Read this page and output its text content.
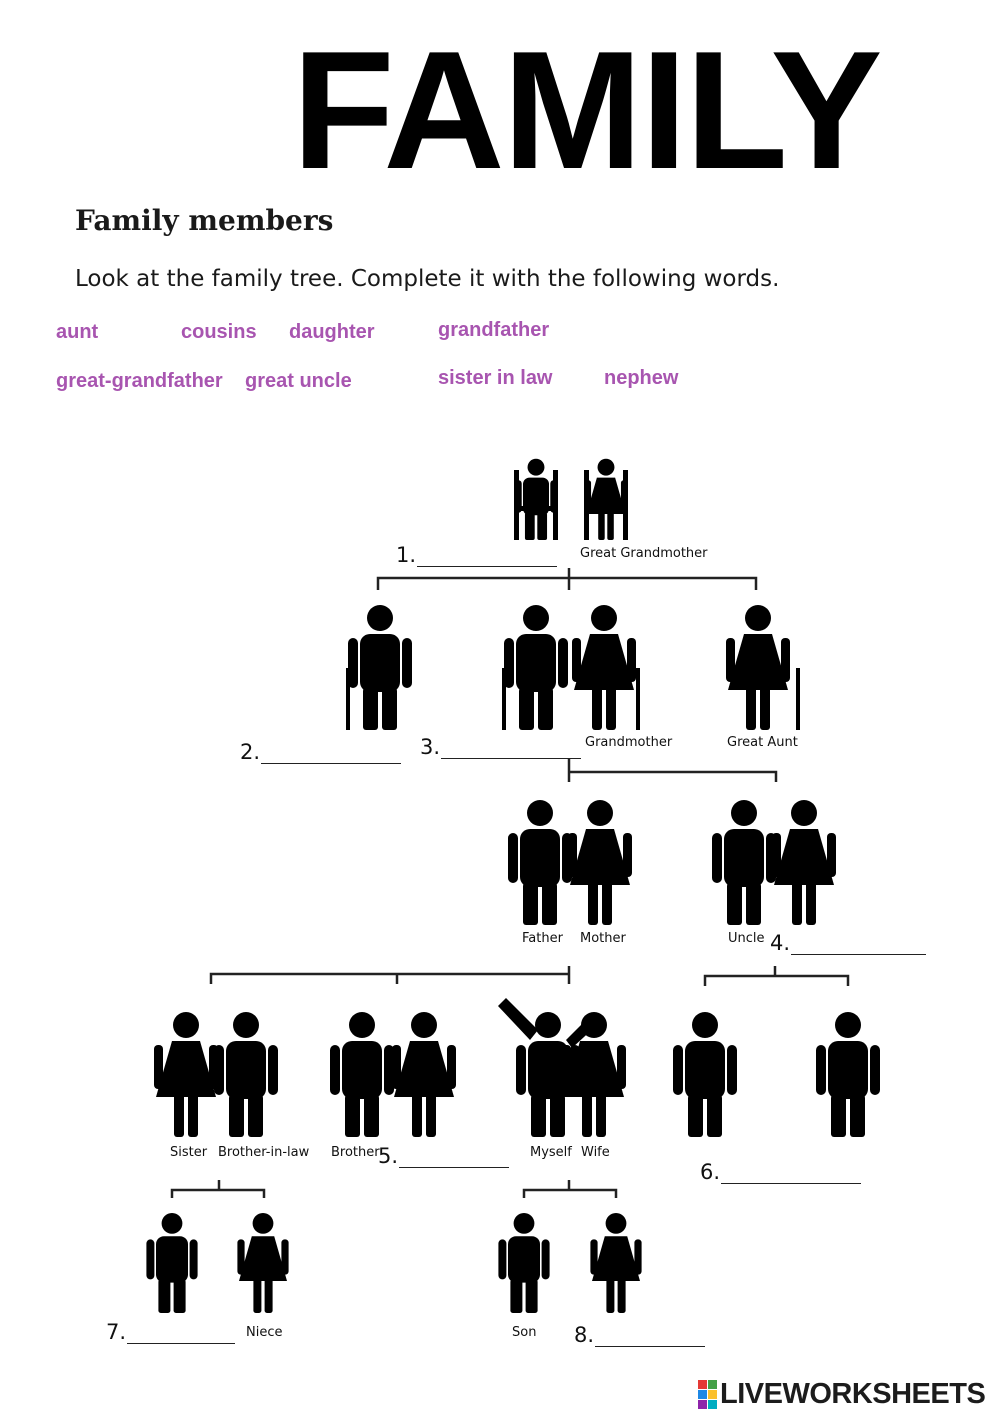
FAMILY
Family members
Look at the family tree. Complete it with the following words.
aunt	cousins daughter	grandfather
great-grandfather great uncle	sister in law	nephew
Great Grandmother
Grandmother	Great Aunt
Father Mother	Uncle
Sister Brother-in-law Brother	Myself Wife
Niece	Son
1.
2.	3.
4.
5.
6.
7.	8.
LIVEWORKSHEETS
